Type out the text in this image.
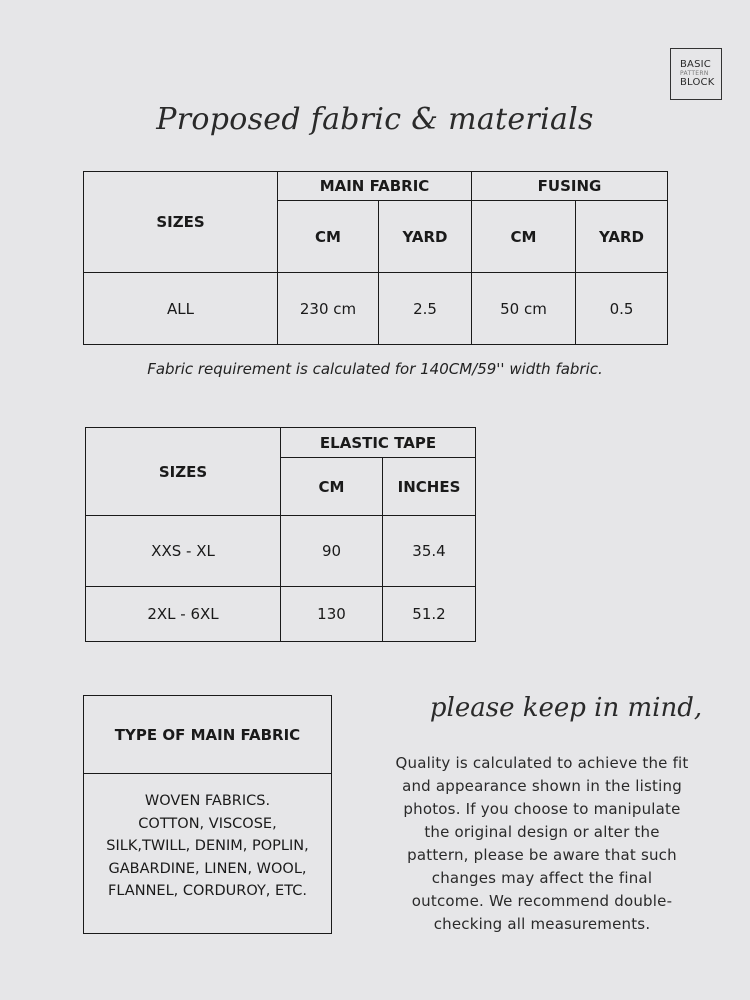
BASIC
PATTERN
BLOCK
Proposed fabric & materials
SIZES
MAIN FABRIC	FUSING
CM	YARD	CM	YARD
ALL	230 cm	2.5	50 cm	0.5
Fabric requirement is calculated for 140CM/59'' width fabric.
SIZES
ELASTIC TAPE
CM	INCHES
XXS - XL	90	35.4
2XL - 6XL	130	51.2
TYPE OF MAIN FABRIC
WOVEN FABRICS.
COTTON, VISCOSE,
SILK,TWILL, DENIM, POPLIN,
GABARDINE, LINEN, WOOL,
FLANNEL, CORDUROY, ETC.
please keep in mind,
Quality is calculated to achieve the fit
and appearance shown in the listing
photos. If you choose to manipulate
the original design or alter the
pattern, please be aware that such
changes may affect the final
outcome. We recommend double-
checking all measurements.
